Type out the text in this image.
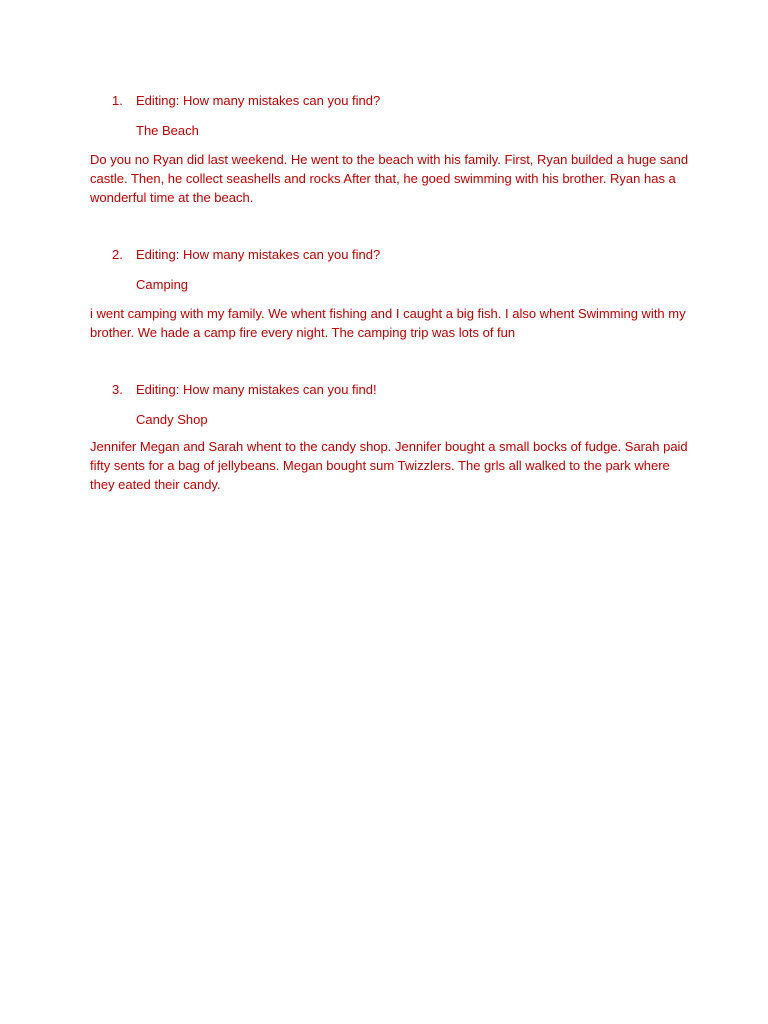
1. Editing: How many mistakes can you find?
The Beach
Do you no Ryan did last weekend. He went to the beach with his family. First, Ryan builded a huge sand
castle. Then, he collect seashells and rocks After that, he goed swimming with his brother. Ryan has a
wonderful time at the beach.
2. Editing: How many mistakes can you find?
Camping
i went camping with my family. We whent fishing and I caught a big fish. I also whent Swimming with my
brother. We hade a camp fire every night. The camping trip was lots of fun
3. Editing: How many mistakes can you find!
Candy Shop
Jennifer Megan and Sarah whent to the candy shop. Jennifer bought a small bocks of fudge. Sarah paid
fifty sents for a bag of jellybeans. Megan bought sum Twizzlers. The grls all walked to the park where
they eated their candy.
